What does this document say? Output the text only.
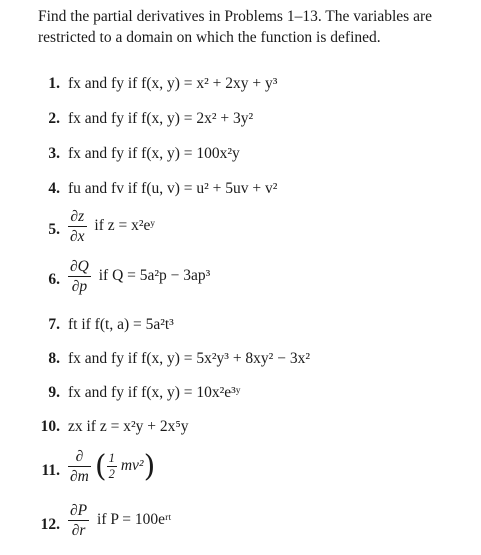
Find the partial derivatives in Problems 1–13. The variables are restricted to a domain on which the function is defined.
1. fx and fy if f(x, y) = x² + 2xy + y³
2. fx and fy if f(x, y) = 2x² + 3y²
3. fx and fy if f(x, y) = 100x²y
4. fu and fv if f(u, v) = u² + 5uv + v²
5. $\frac{\partial z}{\partial x}$ if z = x²eʸ
6. $\frac{\partial Q}{\partial p}$ if Q = 5a²p − 3ap³
7. ft if f(t, a) = 5a²t³
8. fx and fy if f(x, y) = 5x²y³ + 8xy² − 3x²
9. fx and fy if f(x, y) = 10x²e³ʸ
10. zx if z = x²y + 2x⁵y
11. $\frac{\partial}{\partial m}$ ( $\frac{1}{2} mv^2$)
12. $\frac{\partial P}{\partial r}$ if P = 100eʳᵗ
